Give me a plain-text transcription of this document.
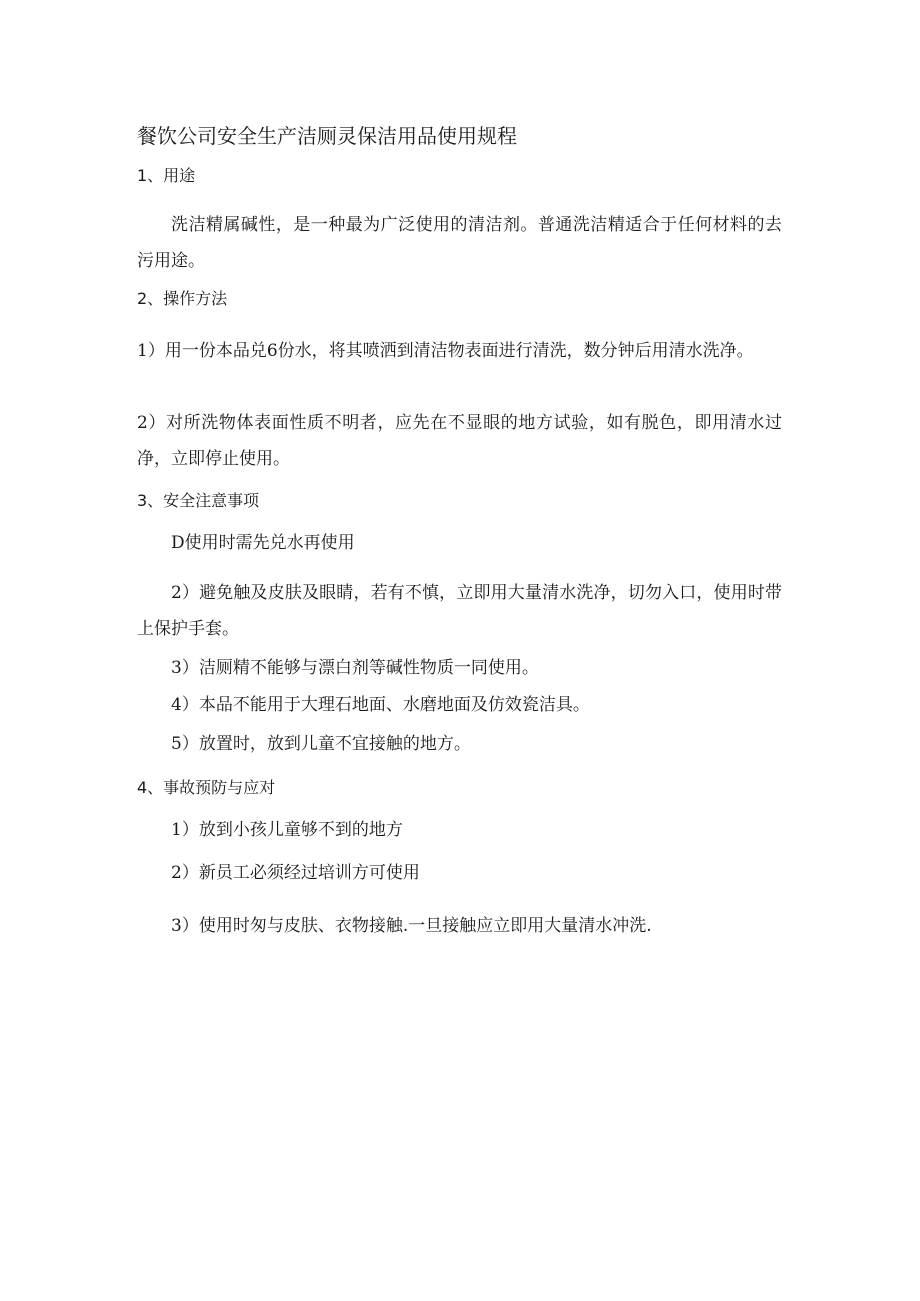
餐饮公司安全生产洁厕灵保洁用品使用规程
1、用途
洗洁精属碱性，是一种最为广泛使用的清洁剂。普通洗洁精适合于任何材料的去污用途。
2、操作方法
1）用一份本品兑6份水，将其喷洒到清洁物表面进行清洗，数分钟后用清水洗净。
2）对所洗物体表面性质不明者，应先在不显眼的地方试验，如有脱色，即用清水过净，立即停止使用。
3、安全注意事项
D使用时需先兑水再使用
2）避免触及皮肤及眼睛，若有不慎，立即用大量清水洗净，切勿入口，使用时带上保护手套。
3）洁厕精不能够与漂白剂等碱性物质一同使用。
4）本品不能用于大理石地面、水磨地面及仿效瓷洁具。
5）放置时，放到儿童不宜接触的地方。
4、事故预防与应对
1）放到小孩儿童够不到的地方
2）新员工必须经过培训方可使用
3）使用时匆与皮肤、衣物接触.一旦接触应立即用大量清水冲洗.
